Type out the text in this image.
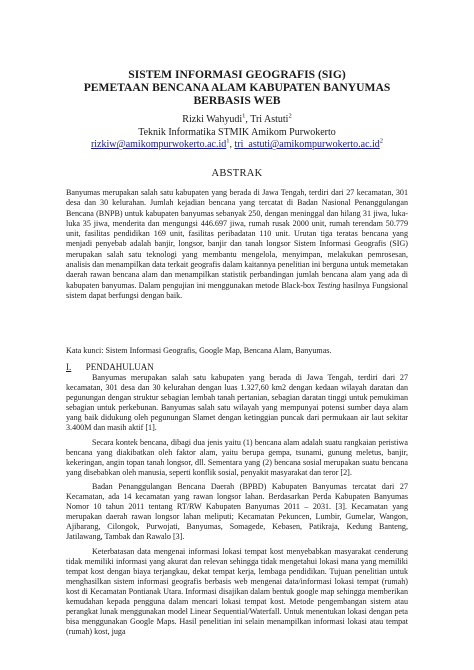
SISTEM INFORMASI GEOGRAFIS (SIG)
PEMETAAN BENCANA ALAM KABUPATEN BANYUMAS
BERBASIS WEB
Rizki Wahyudi$^1$, Tri Astuti$^2$
Teknik Informatika STMIK Amikom Purwokerto
$rizkiw@amikompurwokerto.ac.id^1$, $tri\_astuti@amikompurwokerto.ac.id^2$
ABSTRAK
Banyumas merupakan salah satu kabupaten yang berada di Jawa Tengah, terdiri dari 27 kecamatan, 301 desa dan 30 kelurahan. Jumlah kejadian bencana yang tercatat di Badan Nasional Penanggulangan Bencana (BNPB) untuk kabupaten banyumas sebanyak 250, dengan meninggal dan hilang 31 jiwa, luka-luka 35 jiwa, menderita dan mengungsi 446.697 jiwa, rumah rusak 2000 unit, rumah terendam 50.779 unit, fasilitas pendidikan 169 unit, fasilitas peribadatan 110 unit. Urutan tiga teratas bencana yang menjadi penyebab adalah banjir, longsor, banjir dan tanah longsor Sistem Informasi Geografis (SIG) merupakan salah satu teknologi yang membantu mengelola, menyimpan, melakukan pemrosesan, analisis dan menampilkan data terkait geografis dalam kaitannya penelitian ini berguna untuk memetakan daerah rawan bencana alam dan menampilkan statistik perbandingan jumlah bencana alam yang ada di kabupaten banyumas. Dalam pengujian ini menggunakan metode Black-box Testing hasilnya Fungsional sistem dapat berfungsi dengan baik.
Kata kunci: Sistem Informasi Geografis, Google Map, Bencana Alam, Banyumas.
I. PENDAHULUAN

Banyumas merupakan salah satu kabupaten yang berada di Jawa Tengah, terdiri dari 27 kecamatan, 301 desa dan 30 kelurahan dengan luas 1.327,60 km2 dengan kedaan wilayah daratan dan pegunungan dengan struktur sebagian lembah tanah pertanian, sebagian daratan tinggi untuk pemukiman sebagian untuk perkebunan. Banyumas salah satu wilayah yang mempunyai potensi sumber daya alam yang baik didukung oleh pegunungan Slamet dengan ketinggian puncak dari permukaan air laut sekitar 3.400M dan masih aktif [1].

Secara kontek bencana, dibagi dua jenis yaitu (1) bencana alam adalah suatu rangkaian peristiwa bencana yang diakibatkan oleh faktor alam, yaitu berupa gempa, tsunami, gunung meletus, banjir, kekeringan, angin topan tanah longsor, dll. Sementara yang (2) bencana sosial merupakan suatu bencana yang disebabkan oleh manusia, seperti konflik sosial, penyakit masyarakat dan teror [2].

Badan Penanggulangan Bencana Daerah (BPBD) Kabupaten Banyumas tercatat dari 27 Kecamatan, ada 14 kecamatan yang rawan longsor lahan. Berdasarkan Perda Kabupaten Banyumas Nomor 10 tahun 2011 tentang RT/RW Kabupaten Banyumas 2011 – 2031. [3]. Kecamatan yang merupakan daerah rawan longsor lahan meliputi; Kecamatan Pekuncen, Lumbir, Gumelar, Wangon, Ajibarang, Cilongok, Purwojati, Banyumas, Somagede, Kebasen, Patikraja, Kedung Banteng, Jatilawang, Tambak dan Rawalo [3].

Keterbatasan data mengenai informasi lokasi tempat kost menyebabkan masyarakat cenderung tidak memiliki informasi yang akurat dan relevan sehingga tidak mengetahui lokasi mana yang memiliki tempat kost dengan biaya terjangkau, dekat tempat kerja, lembaga pendidikan. Tujuan penelitian untuk menghasilkan sistem informasi geografis berbasis web mengenai data/informasi lokasi tempat (rumah) kost di Kecamatan Pontianak Utara. Informasi disajikan dalam bentuk google map sehingga memberikan kemudahan kepada pengguna dalam mencari lokasi tempat kost. Metode pengembangan sistem atau perangkat lunak menggunakan model Linear Sequential/Waterfall. Untuk menentukan lokasi dengan peta bisa menggunakan Google Maps. Hasil penelitian ini selain menampilkan informasi lokasi atau tempat (rumah) kost, juga
